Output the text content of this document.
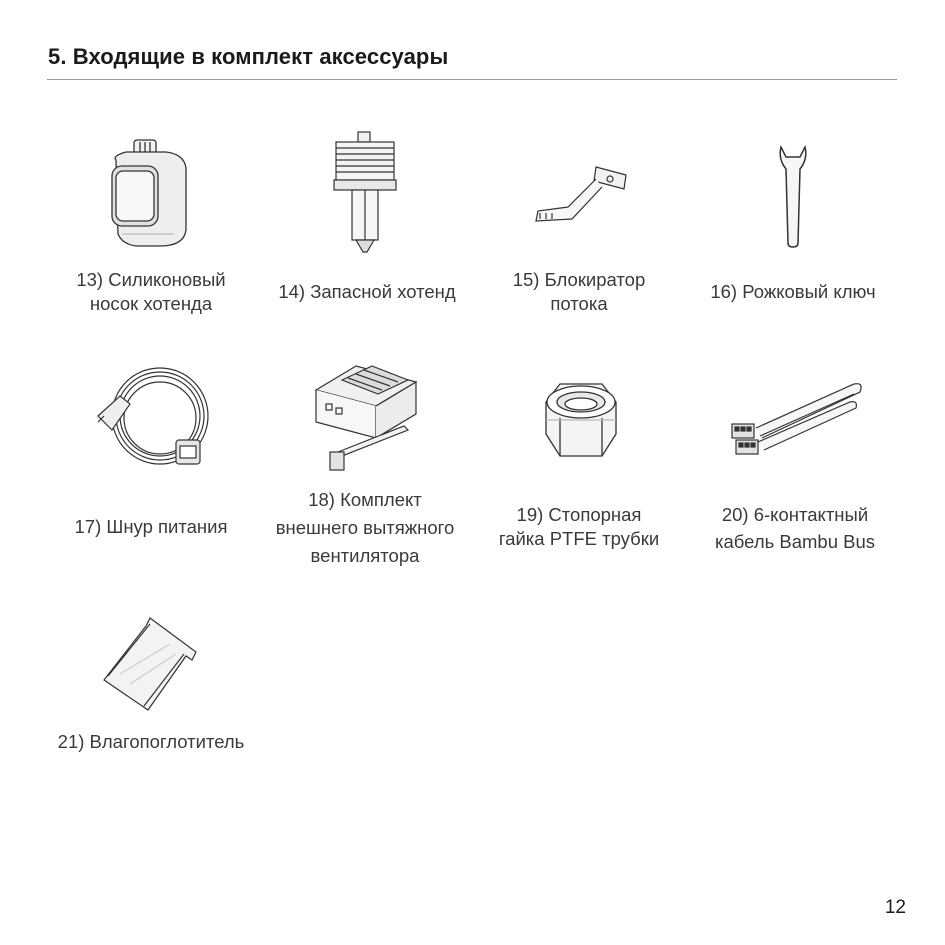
5. Входящие в комплект аксессуары
13) Силиконовый
носок хотенда
14) Запасной хотенд
15) Блокиратор
потока
16) Рожковый ключ
17) Шнур питания
18) Комплект
внешнего вытяжного
вентилятора
19) Стопорная
гайка PTFE трубки
20) 6-контактный
кабель Bambu Bus
21) Влагопоглотитель
12
